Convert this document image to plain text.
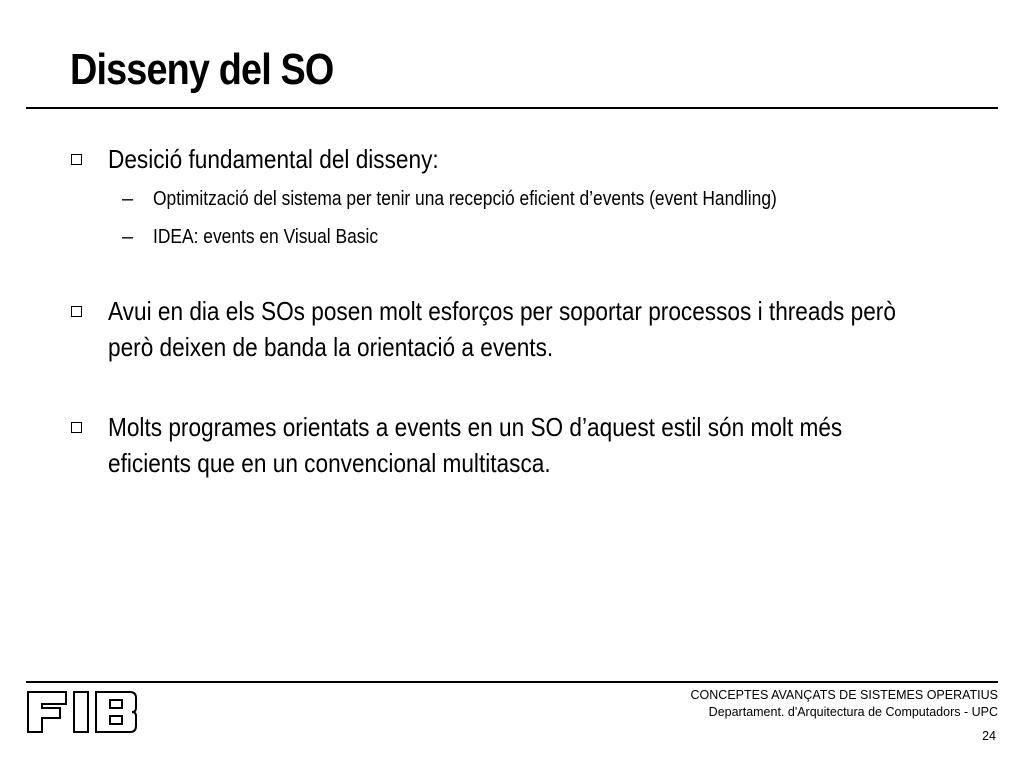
Disseny del SO
Desició fundamental del disseny:
– Optimització del sistema per tenir una recepció eficient d’events (event Handling)
– IDEA: events en Visual Basic
Avui en dia els SOs posen molt esforços per soportar processos i threads però
però deixen de banda la orientació a events.
Molts programes orientats a events en un SO d’aquest estil són molt més
eficients que en un convencional multitasca.
CONCEPTES AVANÇATS DE SISTEMES OPERATIUS
Departament. d'Arquitectura de Computadors - UPC
24
